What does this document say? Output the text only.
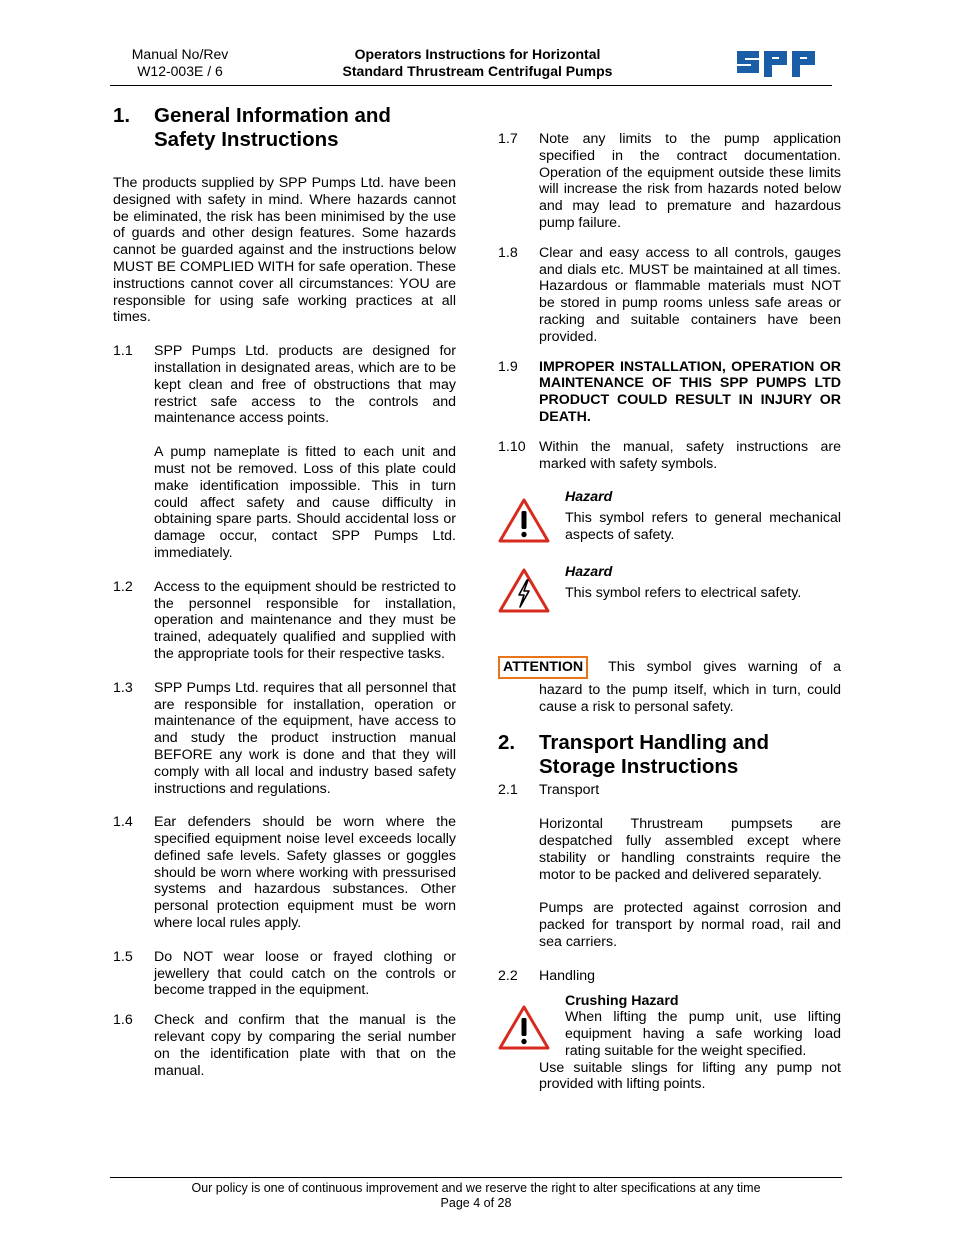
Manual No/Rev
W12-003E / 6
Operators Instructions for Horizontal
Standard Thrustream Centrifugal Pumps
1.	General Information and
Safety Instructions

The products supplied by SPP Pumps Ltd. have been designed with safety in mind. Where hazards cannot be eliminated, the risk has been minimised by the use of guards and other design features. Some hazards cannot be guarded against and the instructions below MUST BE COMPLIED WITH for safe operation. These instructions cannot cover all circumstances: YOU are responsible for using safe working practices at all times.

1.1	SPP Pumps Ltd. products are designed for installation in designated areas, which are to be kept clean and free of obstructions that may restrict safe access to the controls and maintenance access points.
A pump nameplate is fitted to each unit and must not be removed. Loss of this plate could make identification impossible. This in turn could affect safety and cause difficulty in obtaining spare parts. Should accidental loss or damage occur, contact SPP Pumps Ltd. immediately.
1.2	Access to the equipment should be restricted to the personnel responsible for installation, operation and maintenance and they must be trained, adequately qualified and supplied with the appropriate tools for their respective tasks.
1.3	SPP Pumps Ltd. requires that all personnel that are responsible for installation, operation or maintenance of the equipment, have access to and study the product instruction manual BEFORE any work is done and that they will comply with all local and industry based safety instructions and regulations.
1.4	Ear defenders should be worn where the specified equipment noise level exceeds locally defined safe levels. Safety glasses or goggles should be worn where working with pressurised systems and hazardous substances. Other personal protection equipment must be worn where local rules apply.
1.5	Do NOT wear loose or frayed clothing or jewellery that could catch on the controls or become trapped in the equipment.
1.6	Check and confirm that the manual is the relevant copy by comparing the serial number on the identification plate with that on the manual.
1.7	Note any limits to the pump application specified in the contract documentation. Operation of the equipment outside these limits will increase the risk from hazards noted below and may lead to premature and hazardous pump failure.
1.8	Clear and easy access to all controls, gauges and dials etc. MUST be maintained at all times. Hazardous or flammable materials must NOT be stored in pump rooms unless safe areas or racking and suitable containers have been provided.
1.9	IMPROPER INSTALLATION, OPERATION OR MAINTENANCE OF THIS SPP PUMPS LTD PRODUCT COULD RESULT IN INJURY OR DEATH.
1.10 Within the manual, safety instructions are marked with safety symbols.
Hazard
This symbol refers to general mechanical aspects of safety.
Hazard
This symbol refers to electrical safety.
ATTENTION	This symbol gives warning of a
hazard to the pump itself, which in turn, could cause a risk to personal safety.
2.	Transport Handling and
Storage Instructions
2.1	Transport
Horizontal Thrustream pumpsets are despatched fully assembled except where stability or handling constraints require the motor to be packed and delivered separately.
Pumps are protected against corrosion and packed for transport by normal road, rail and sea carriers.
2.2	Handling
Crushing Hazard
When lifting the pump unit, use lifting equipment having a safe working load rating suitable for the weight specified.
Use suitable slings for lifting any pump not provided with lifting points.
Our policy is one of continuous improvement and we reserve the right to alter specifications at any time
Page 4 of 28
